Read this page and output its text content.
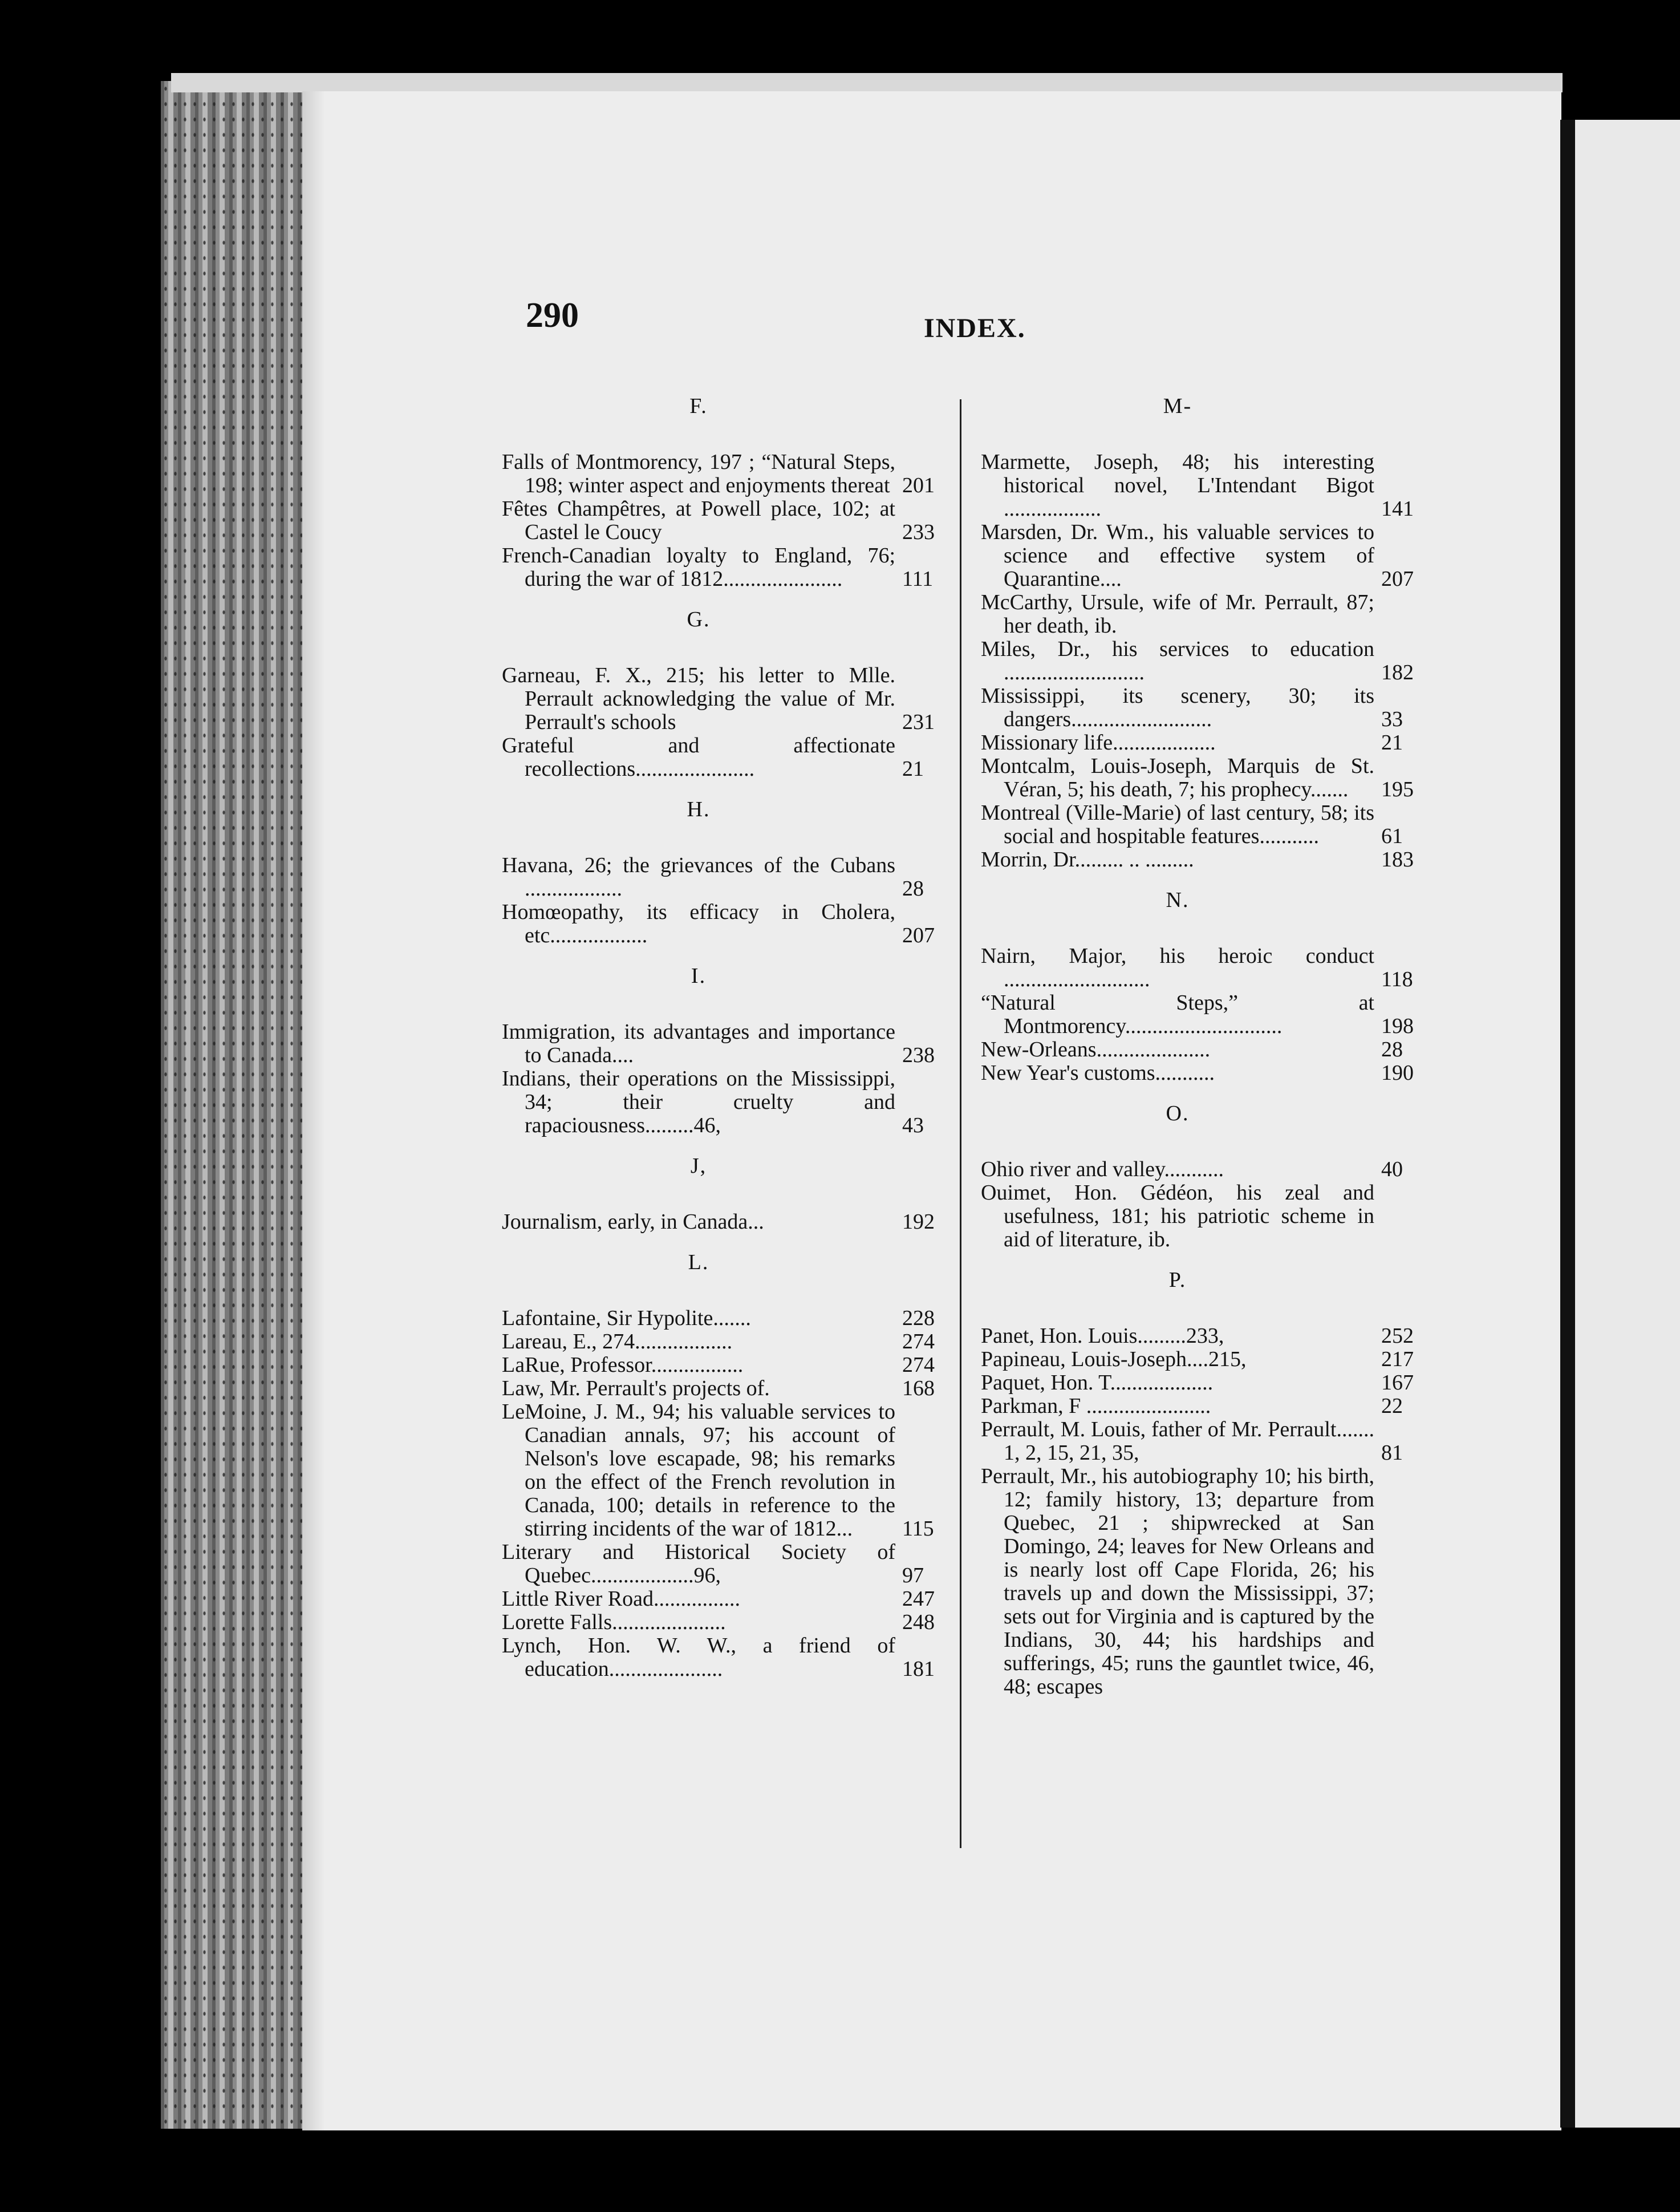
290	INDEX.
F.
Falls of Montmorency, 197 ; “Natural Steps, 198; winter aspect and enjoyments thereat 201
Fêtes Champêtres, at Powell place, 102; at Castel le Coucy	233
French-Canadian loyalty to England, 76; during the war of 1812......................	111
G.
Garneau, F. X., 215; his letter to Mlle. Perrault acknowledging the value of Mr. Perrault's schools	231
Grateful and affectionate recollections......................	21
H.
Havana, 26; the grievances of the Cubans ..................	28
Homœopathy, its efficacy in Cholera, etc..................	207
I.
Immigration, its advantages and importance to Canada....	238
Indians, their operations on the Mississippi, 34; their cruelty and rapaciousness.........46,	43
J,
Journalism, early, in Canada...	192
L.
Lafontaine, Sir Hypolite.......	228
Lareau, E., 274..................	274
LaRue, Professor.................	274
Law, Mr. Perrault's projects of.	168
LeMoine, J. M., 94; his valuable services to Canadian annals, 97; his account of Nelson's love escapade, 98; his remarks on the effect of the French revolution in Canada, 100; details in reference to the stirring incidents of the war of 1812... 115
Literary and Historical Society of Quebec...................96,	97
Little River Road................	247
Lorette Falls.....................	248
Lynch, Hon. W. W., a friend of education.....................	181
M-
Marmette, Joseph, 48; his interesting historical novel, L'Intendant Bigot ..................	141
Marsden, Dr. Wm., his valuable services to science and effective system of Quarantine....	207
McCarthy, Ursule, wife of Mr. Perrault, 87; her death, ib.
Miles, Dr., his services to education ..........................	182
Mississippi, its scenery, 30; its dangers..........................	33
Missionary life...................	21
Montcalm, Louis-Joseph, Marquis de St. Véran, 5; his death, 7; his prophecy....... 195
Montreal (Ville-Marie) of last century, 58; its social and hospitable features...........	61
Morrin, Dr......... .. .........	183
N.
Nairn, Major, his heroic conduct ...........................	118
“Natural Steps,” at Montmorency.............................	198
New-Orleans.....................	28
New Year's customs...........	190
O.
Ohio river and valley...........	40
Ouimet, Hon. Gédéon, his zeal and usefulness, 181; his patriotic scheme in aid of literature, ib.
P.
Panet, Hon. Louis.........233,	252
Papineau, Louis-Joseph....215,	217
Paquet, Hon. T...................	167
Parkman, F .......................	22
Perrault, M. Louis, father of Mr. Perrault....... 1, 2, 15, 21, 35,	81
Perrault, Mr., his autobiography 10; his birth, 12; family history, 13; departure from Quebec, 21 ; shipwrecked at San Domingo, 24; leaves for New Orleans and is nearly lost off Cape Florida, 26; his travels up and down the Mississippi, 37; sets out for Virginia and is captured by the Indians, 30, 44; his hardships and sufferings, 45; runs the gauntlet twice, 46, 48; escapes
